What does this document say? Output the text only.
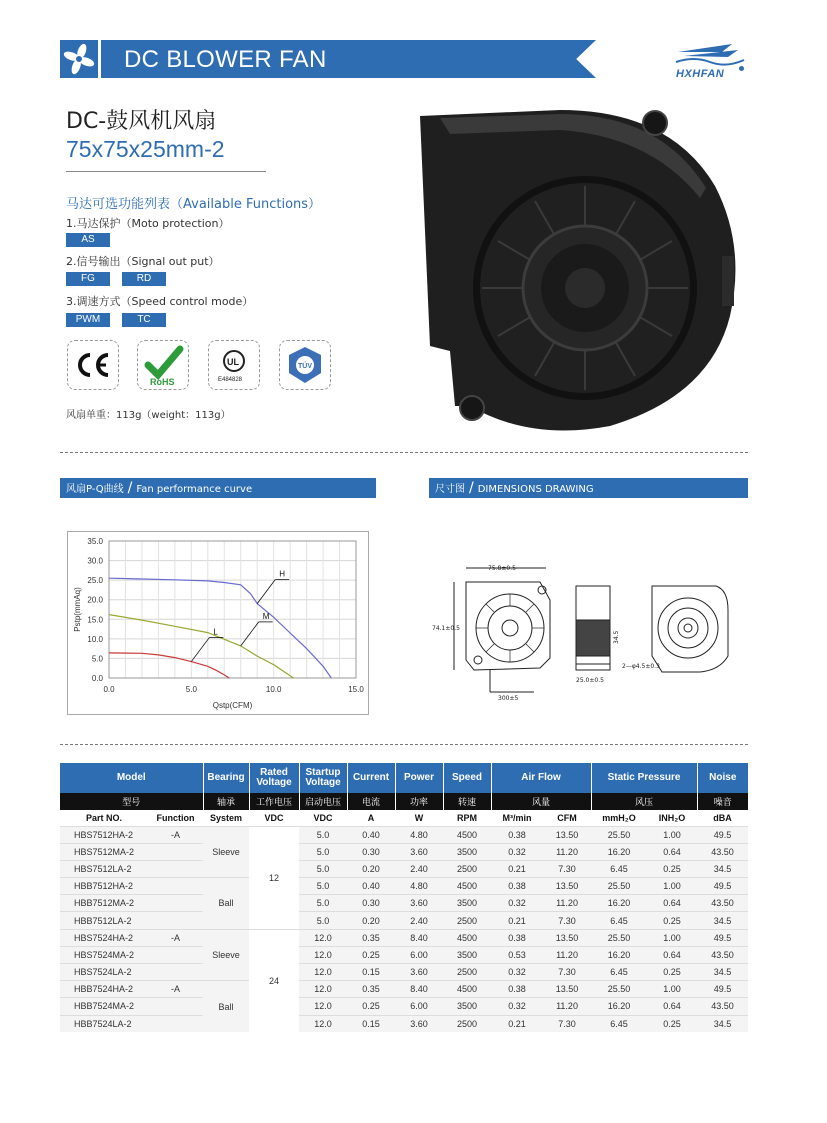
DC BLOWER FAN
HXHFAN
DC-鼓风机风扇
75x75x25mm-2
马达可选功能列表（Available Functions）
1.马达保护（Moto protection）
AS
2.信号输出（Signal out put）
FG	RD
3.调速方式（Speed control mode）
PWM	TC
RoHS
UL
E484828
TÜV
风扇单重：113g（weight：113g）
风扇P-Q曲线 / Fan performance curve	尺寸图 / DIMENSIONS DRAWING
0.0
5.0
10.0
15.0
20.0
25.0
30.0
35.0
0.0	5.0	10.0	15.0
Qstp(CFM)
Pstp(mmAq)
H
M
L
75.8±0.5
74.1±0.5
25.0±0.5
34.5
2—φ4.5±0.3
300±5
Model		Bearing	Rated Voltage	Startup Voltage	Current	Power	Speed	Air Flow		Static Pressure		Noise
型号		轴承	工作电压	启动电压	电流	功率	转速	风量		风压		噪音
Part NO.	Function	System	VDC	VDC	A	W	RPM	M³/min	CFM	mmH₂O	INH₂O	dBA
HBS7512HA-2	-A	Sleeve	12	5.0	0.40	4.80	4500	0.38	13.50	25.50	1.00	49.5
HBS7512MA-2				5.0	0.30	3.60	3500	0.32	11.20	16.20	0.64	43.50
HBS7512LA-2				5.0	0.20	2.40	2500	0.21	7.30	6.45	0.25	34.5
HBB7512HA-2		Ball		5.0	0.40	4.80	4500	0.38	13.50	25.50	1.00	49.5
HBB7512MA-2				5.0	0.30	3.60	3500	0.32	11.20	16.20	0.64	43.50
HBB7512LA-2				5.0	0.20	2.40	2500	0.21	7.30	6.45	0.25	34.5
HBS7524HA-2	-A	Sleeve	24	12.0	0.35	8.40	4500	0.38	13.50	25.50	1.00	49.5
HBS7524MA-2				12.0	0.25	6.00	3500	0.53	11.20	16.20	0.64	43.50
HBS7524LA-2				12.0	0.15	3.60	2500	0.32	7.30	6.45	0.25	34.5
HBB7524HA-2	-A	Ball		12.0	0.35	8.40	4500	0.38	13.50	25.50	1.00	49.5
HBB7524MA-2				12.0	0.25	6.00	3500	0.32	11.20	16.20	0.64	43.50
HBB7524LA-2				12.0	0.15	3.60	2500	0.21	7.30	6.45	0.25	34.5
